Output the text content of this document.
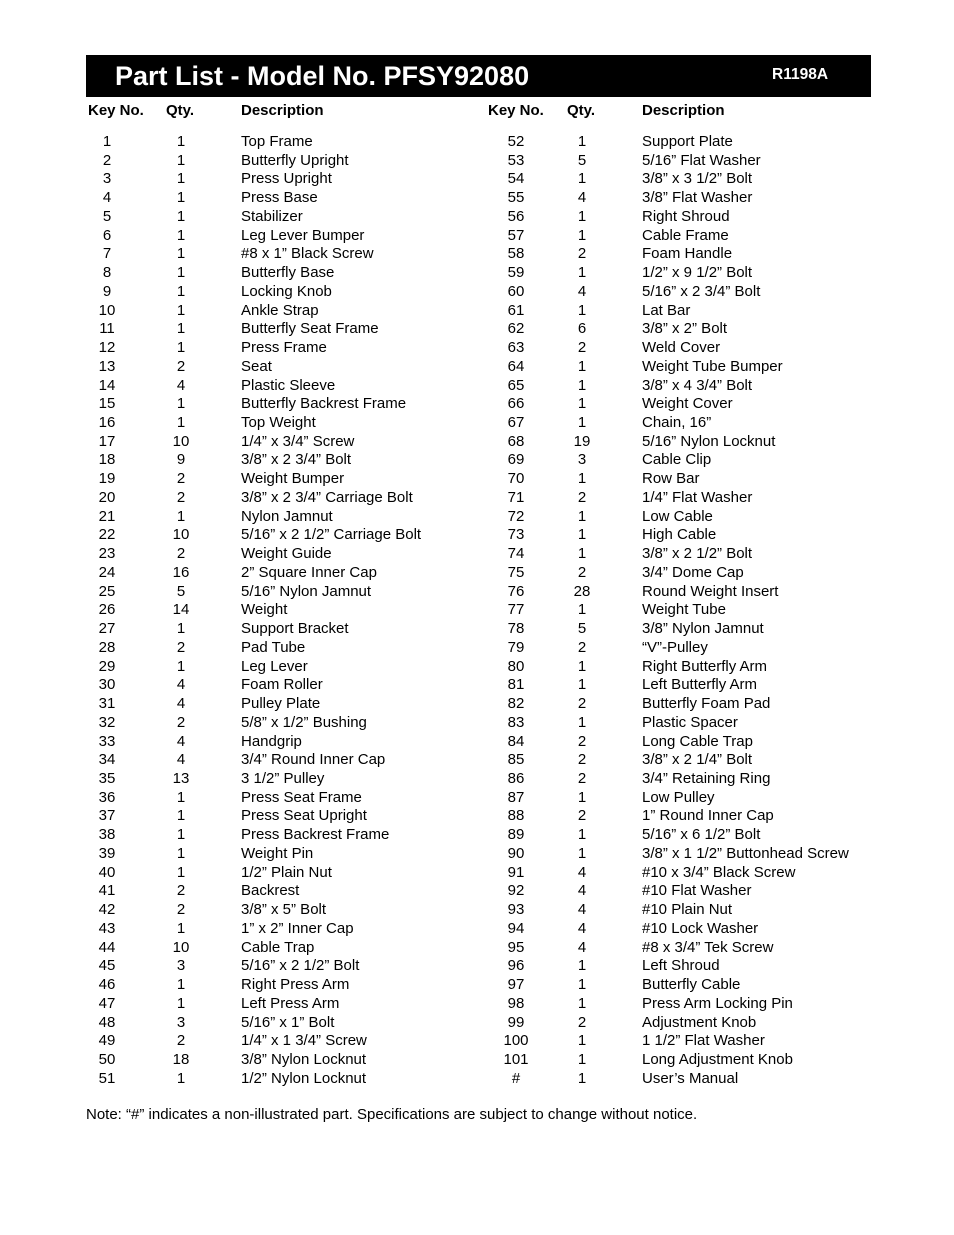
Part List - Model No. PFSY92080	R1198A
Key No. Qty.	Description	Key No. Qty.	Description
1	1	Top Frame	52	1	Support Plate
2	1	Butterfly Upright	53	5	5/16” Flat Washer
3	1	Press Upright	54	1	3/8” x 3 1/2” Bolt
4	1	Press Base	55	4	3/8” Flat Washer
5	1	Stabilizer	56	1	Right Shroud
6	1	Leg Lever Bumper	57	1	Cable Frame
7	1	#8 x 1” Black Screw	58	2	Foam Handle
8	1	Butterfly Base	59	1	1/2” x 9 1/2” Bolt
9	1	Locking Knob	60	4	5/16” x 2 3/4” Bolt
10	1	Ankle Strap	61	1	Lat Bar
11	1	Butterfly Seat Frame	62	6	3/8” x 2” Bolt
12	1	Press Frame	63	2	Weld Cover
13	2	Seat	64	1	Weight Tube Bumper
14	4	Plastic Sleeve	65	1	3/8” x 4 3/4” Bolt
15	1	Butterfly Backrest Frame	66	1	Weight Cover
16	1	Top Weight	67	1	Chain, 16”
17	10	1/4” x 3/4” Screw	68	19	5/16” Nylon Locknut
18	9	3/8” x 2 3/4” Bolt	69	3	Cable Clip
19	2	Weight Bumper	70	1	Row Bar
20	2	3/8” x 2 3/4” Carriage Bolt	71	2	1/4” Flat Washer
21	1	Nylon Jamnut	72	1	Low Cable
22	10	5/16” x 2 1/2” Carriage Bolt	73	1	High Cable
23	2	Weight Guide	74	1	3/8” x 2 1/2” Bolt
24	16	2” Square Inner Cap	75	2	3/4” Dome Cap
25	5	5/16” Nylon Jamnut	76	28	Round Weight Insert
26	14	Weight	77	1	Weight Tube
27	1	Support Bracket	78	5	3/8” Nylon Jamnut
28	2	Pad Tube	79	2	“V”-Pulley
29	1	Leg Lever	80	1	Right Butterfly Arm
30	4	Foam Roller	81	1	Left Butterfly Arm
31	4	Pulley Plate	82	2	Butterfly Foam Pad
32	2	5/8” x 1/2” Bushing	83	1	Plastic Spacer
33	4	Handgrip	84	2	Long Cable Trap
34	4	3/4” Round Inner Cap	85	2	3/8” x 2 1/4” Bolt
35	13	3 1/2” Pulley	86	2	3/4” Retaining Ring
36	1	Press Seat Frame	87	1	Low Pulley
37	1	Press Seat Upright	88	2	1” Round Inner Cap
38	1	Press Backrest Frame	89	1	5/16” x 6 1/2” Bolt
39	1	Weight Pin	90	1	3/8” x 1 1/2” Buttonhead Screw
40	1	1/2” Plain Nut	91	4	#10 x 3/4” Black Screw
41	2	Backrest	92	4	#10 Flat Washer
42	2	3/8” x 5” Bolt	93	4	#10 Plain Nut
43	1	1” x 2” Inner Cap	94	4	#10 Lock Washer
44	10	Cable Trap	95	4	#8 x 3/4” Tek Screw
45	3	5/16” x 2 1/2” Bolt	96	1	Left Shroud
46	1	Right Press Arm	97	1	Butterfly Cable
47	1	Left Press Arm	98	1	Press Arm Locking Pin
48	3	5/16” x 1” Bolt	99	2	Adjustment Knob
49	2	1/4” x 1 3/4” Screw	100	1	1 1/2” Flat Washer
50	18	3/8” Nylon Locknut	101	1	Long Adjustment Knob
51	1	1/2” Nylon Locknut	#	1	User’s Manual
Note: “#” indicates a non-illustrated part. Specifications are subject to change without notice.
